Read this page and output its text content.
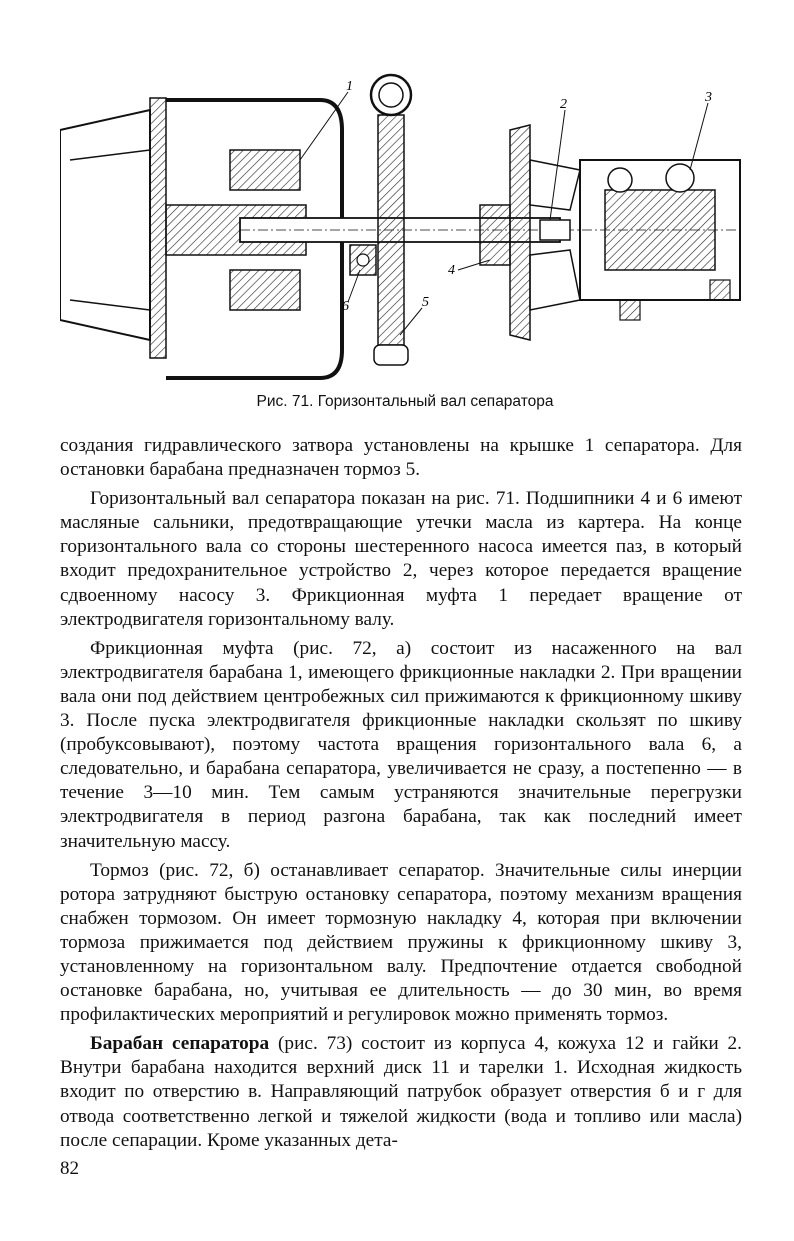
1
2	3
4
5
6
Рис. 71. Горизонтальный вал сепаратора

создания гидравлического затвора установлены на крышке 1 сепаратора. Для остановки барабана предназначен тормоз 5.

Горизонтальный вал сепаратора показан на рис. 71. Подшипники 4 и 6 имеют масляные сальники, предотвращающие утечки масла из картера. На конце горизонтального вала со стороны шестеренного насоса имеется паз, в который входит предохранительное устройство 2, через которое передается вращение сдвоенному насосу 3. Фрикционная муфта 1 передает вращение от электродвигателя горизонтальному валу.

Фрикционная муфта (рис. 72, а) состоит из насаженного на вал электродвигателя барабана 1, имеющего фрикционные накладки 2. При вращении вала они под действием центробежных сил прижимаются к фрикционному шкиву 3. После пуска электродвигателя фрикционные накладки скользят по шкиву (пробуксовывают), поэтому частота вращения горизонтального вала 6, а следовательно, и барабана сепаратора, увеличивается не сразу, а постепенно — в течение 3—10 мин. Тем самым устраняются значительные перегрузки электродвигателя в период разгона барабана, так как последний имеет значительную массу.

Тормоз (рис. 72, б) останавливает сепаратор. Значительные силы инерции ротора затрудняют быструю остановку сепаратора, поэтому механизм вращения снабжен тормозом. Он имеет тормозную накладку 4, которая при включении тормоза прижимается под действием пружины к фрикционному шкиву 3, установленному на горизонтальном валу. Предпочтение отдается свободной остановке барабана, но, учитывая ее длительность — до 30 мин, во время профилактических мероприятий и регулировок можно применять тормоз.

Барабан сепаратора (рис. 73) состоит из корпуса 4, кожуха 12 и гайки 2. Внутри барабана находится верхний диск 11 и тарелки 1. Исходная жидкость входит по отверстию в. Направляющий патрубок образует отверстия б и г для отвода соответственно легкой и тяжелой жидкости (вода и топливо или масла) после сепарации. Кроме указанных дета-

82
